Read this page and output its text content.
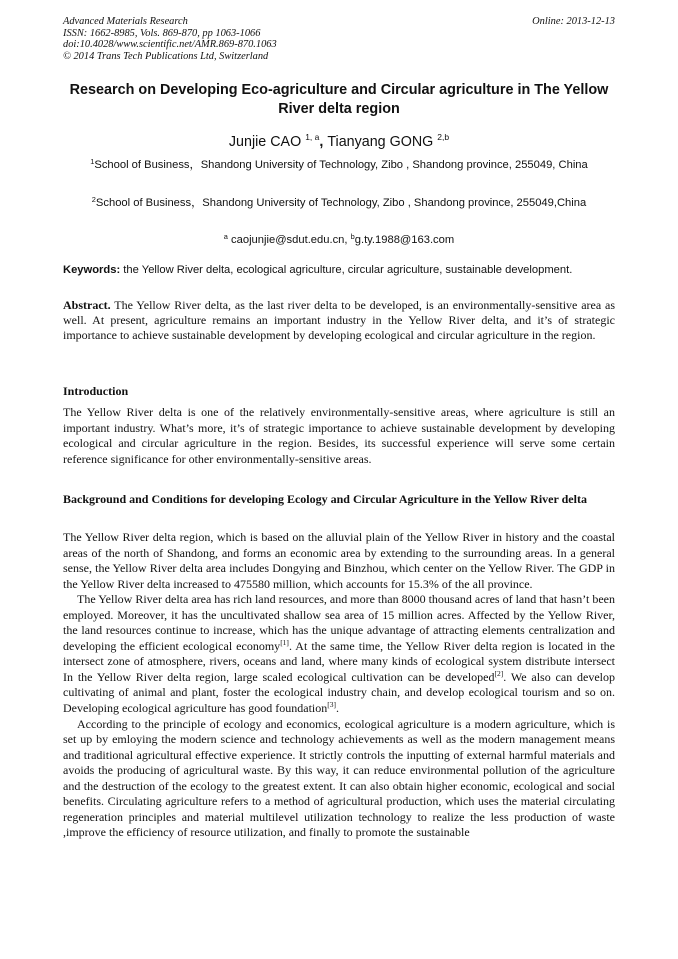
Advanced Materials Research
ISSN: 1662-8985, Vols. 869-870, pp 1063-1066
doi:10.4028/www.scientific.net/AMR.869-870.1063
© 2014 Trans Tech Publications Ltd, Switzerland
Online: 2013-12-13
Research on Developing Eco-agriculture and Circular agriculture in The Yellow River delta region
Junjie CAO $^{1, a}$, Tianyang GONG $^{2,b}$
$^1$School of Business，Shandong University of Technology, Zibo , Shandong province, 255049, China
$^2$School of Business，Shandong University of Technology, Zibo , Shandong province, 255049,China
$^a$ caojunjie@sdut.edu.cn, $^b$g.ty.1988@163.com
Keywords: the Yellow River delta, ecological agriculture, circular agriculture, sustainable development.
Abstract. The Yellow River delta, as the last river delta to be developed, is an environmentally-sensitive area as well. At present, agriculture remains an important industry in the Yellow River delta, and it’s of strategic importance to achieve sustainable development by developing ecological and circular agriculture in the region.
Introduction

The Yellow River delta is one of the relatively environmentally-sensitive areas, where agriculture is still an important industry. What’s more, it’s of strategic importance to achieve sustainable development by developing ecological and circular agriculture in the region. Besides, its successful experience will serve some certain reference significance for other environmentally-sensitive areas.

Background and Conditions for developing Ecology and Circular Agriculture in the Yellow River delta

The Yellow River delta region, which is based on the alluvial plain of the Yellow River in history and the coastal areas of the north of Shandong, and forms an economic area by extending to the surrounding areas. In a general sense, the Yellow River delta area includes Dongying and Binzhou, which center on the Yellow River. The GDP in the Yellow River delta increased to 475580 million, which accounts for 15.3% of the all province.

The Yellow River delta area has rich land resources, and more than 8000 thousand acres of land that hasn’t been employed. Moreover, it has the uncultivated shallow sea area of 15 million acres. Affected by the Yellow River, the land resources continue to increase, which has the unique advantage of attracting elements centralization and developing the efficient ecological economy[1]. At the same time, the Yellow River delta region is located in the intersect zone of atmosphere, rivers, oceans and land, where many kinds of ecological system distribute intersect In the Yellow River delta region, large scaled ecological cultivation can be developed[2]. We also can develop cultivating of animal and plant, foster the ecological industry chain, and develop ecological tourism and so on. Developing ecological agriculture has good foundation[3].

According to the principle of ecology and economics, ecological agriculture is a modern agriculture, which is set up by emloying the modern science and technology achievements as well as the modern management means and traditional agricultural effective experience. It strictly controls the inputting of external harmful materials and avoids the producing of agricultural waste. By this way, it can reduce environmental pollution of the agriculture and the destruction of the ecology to the greatest extent. It can also obtain higher economic, ecological and social benefits. Circulating agriculture refers to a method of agricultural production, which uses the material circulating regeneration principles and material multilevel utilization technology to realize the less production of waste ,improve the efficiency of resource utilization, and finally to promote the sustainable
